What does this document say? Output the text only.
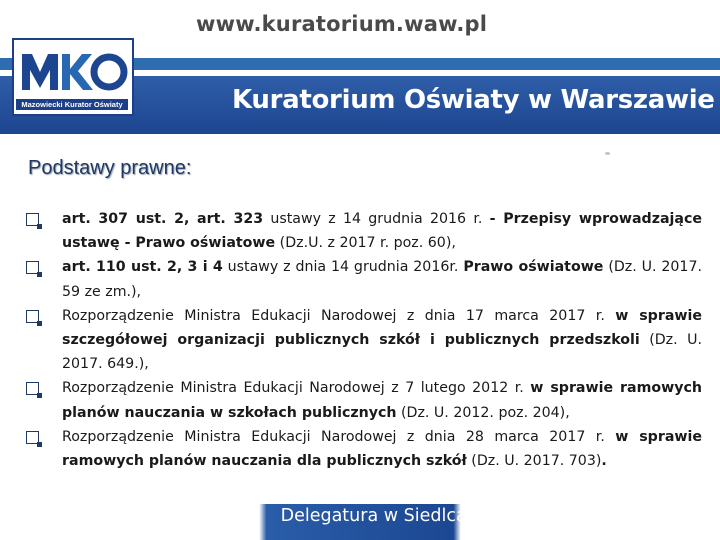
www.kuratorium.waw.pl
Mazowiecki Kurator Oświaty	Kuratorium Oświaty w Warszawie
Podstawy prawne:
art. 307 ust. 2, art. 323 ustawy z 14 grudnia 2016 r. - Przepisy wprowadzające ustawę - Prawo oświatowe (Dz.U. z 2017 r. poz. 60),
art. 110 ust. 2, 3 i 4 ustawy z dnia 14 grudnia 2016r. Prawo oświatowe (Dz. U. 2017. 59 ze zm.),
Rozporządzenie Ministra Edukacji Narodowej z dnia 17 marca 2017 r. w sprawie szczegółowej organizacji publicznych szkół i publicznych przedszkoli (Dz. U. 2017. 649.),
Rozporządzenie Ministra Edukacji Narodowej z 7 lutego 2012 r. w sprawie ramowych planów nauczania w szkołach publicznych (Dz. U. 2012. poz. 204),
Rozporządzenie Ministra Edukacji Narodowej z dnia 28 marca 2017 r. w sprawie ramowych planów nauczania dla publicznych szkół (Dz. U. 2017. 703).
Delegatura w Siedlcach
